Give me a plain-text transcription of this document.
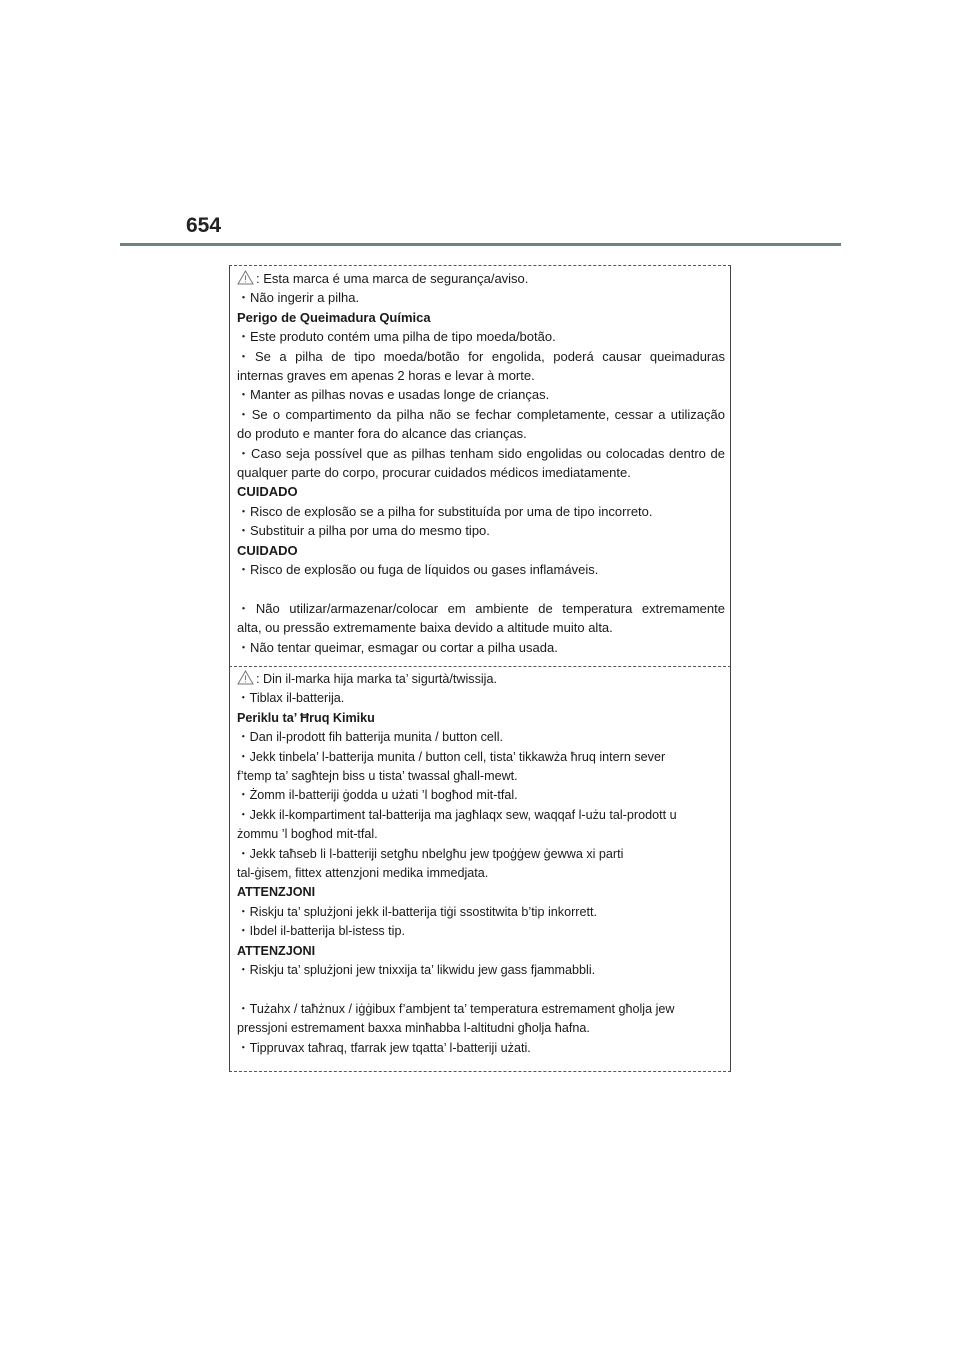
654
: Esta marca é uma marca de segurança/aviso.
・Não ingerir a pilha.
Perigo de Queimadura Química
・Este produto contém uma pilha de tipo moeda/botão.
・Se a pilha de tipo moeda/botão for engolida, poderá causar queimaduras
internas graves em apenas 2 horas e levar à morte.
・Manter as pilhas novas e usadas longe de crianças.
・Se o compartimento da pilha não se fechar completamente, cessar a utilização
do produto e manter fora do alcance das crianças.
・Caso seja possível que as pilhas tenham sido engolidas ou colocadas dentro de
qualquer parte do corpo, procurar cuidados médicos imediatamente.
CUIDADO
・Risco de explosão se a pilha for substituída por uma de tipo incorreto.
・Substituir a pilha por uma do mesmo tipo.
CUIDADO
・Risco de explosão ou fuga de líquidos ou gases inflamáveis.
・Não utilizar/armazenar/colocar em ambiente de temperatura extremamente
alta, ou pressão extremamente baixa devido a altitude muito alta.
・Não tentar queimar, esmagar ou cortar a pilha usada.
: Din il-marka hija marka ta’ sigurtà/twissija.
・Tiblax il-batterija.
Periklu ta’ Ħruq Kimiku
・Dan il-prodott fih batterija munita / button cell.
・Jekk tinbela’ l-batterija munita / button cell, tista’ tikkawża ħruq intern sever
f’temp ta’ sagħtejn biss u tista’ twassal għall-mewt.
・Żomm il-batteriji ġodda u użati ’l bogħod mit-tfal.
・Jekk il-kompartiment tal-batterija ma jagħlaqx sew, waqqaf l-użu tal-prodott u
żommu ’l bogħod mit-tfal.
・Jekk taħseb li l-batteriji setgħu nbelgħu jew tpoġġew ġewwa xi parti
tal-ġisem, fittex attenzjoni medika immedjata.
ATTENZJONI
・Riskju ta’ splużjoni jekk il-batterija tiġi ssostitwita b’tip inkorrett.
・Ibdel il-batterija bl-istess tip.
ATTENZJONI
・Riskju ta’ splużjoni jew tnixxija ta’ likwidu jew gass fjammabbli.
・Tużahx / taħżnux / iġġibux f’ambjent ta’ temperatura estremament għolja jew
pressjoni estremament baxxa minħabba l-altitudni għolja ħafna.
・Tippruvax taħraq, tfarrak jew tqatta’ l-batteriji użati.
